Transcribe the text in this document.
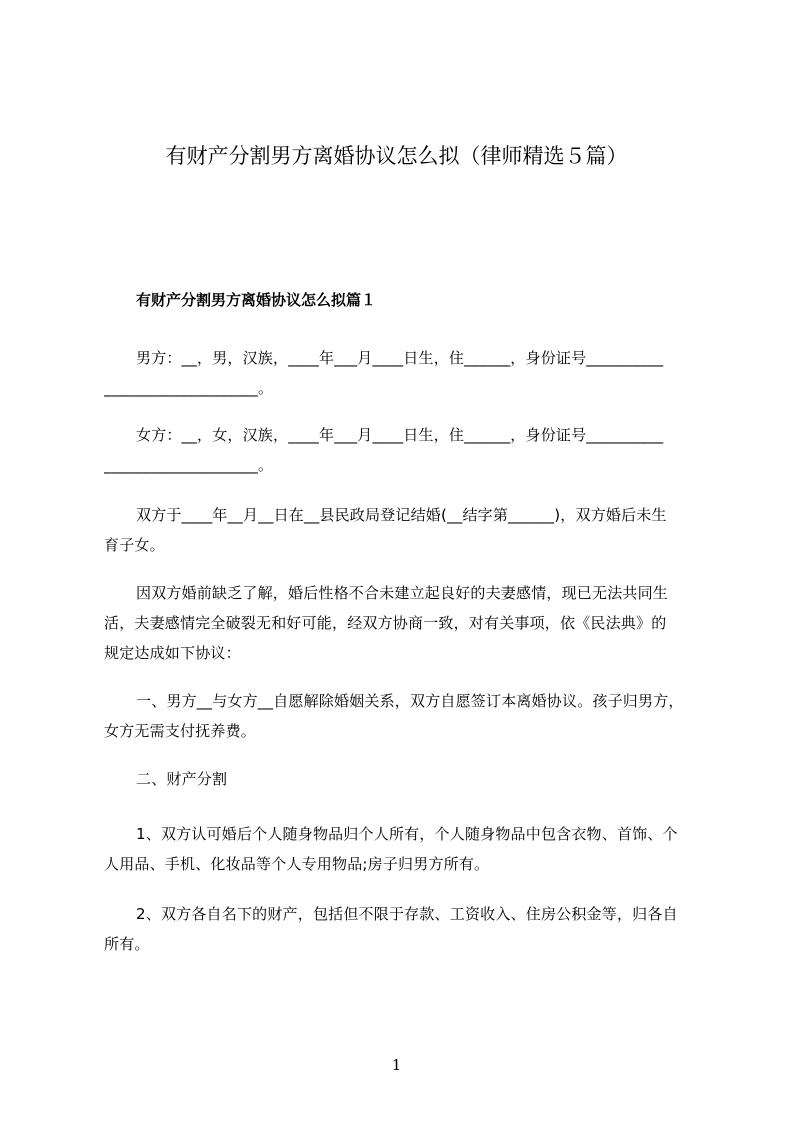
有财产分割男方离婚协议怎么拟（律师精选５篇）
有财产分割男方离婚协议怎么拟篇１
男方：__，男，汉族，____年___月____日生，住______，身份证号__________
____________________。
女方：__，女，汉族，____年___月____日生，住______，身份证号__________
____________________。
双方于____年__月__日在__县民政局登记结婚(__结字第______)，双方婚后未生
育子女。
因双方婚前缺乏了解，婚后性格不合未建立起良好的夫妻感情，现已无法共同生
活，夫妻感情完全破裂无和好可能，经双方协商一致，对有关事项，依《民法典》的
规定达成如下协议：
一、男方__与女方__自愿解除婚姻关系，双方自愿签订本离婚协议。孩子归男方，
女方无需支付抚养费。
二、财产分割
1、双方认可婚后个人随身物品归个人所有，个人随身物品中包含衣物、首饰、个
人用品、手机、化妆品等个人专用物品;房子归男方所有。
2、双方各自名下的财产，包括但不限于存款、工资收入、住房公积金等，归各自
所有。
1
